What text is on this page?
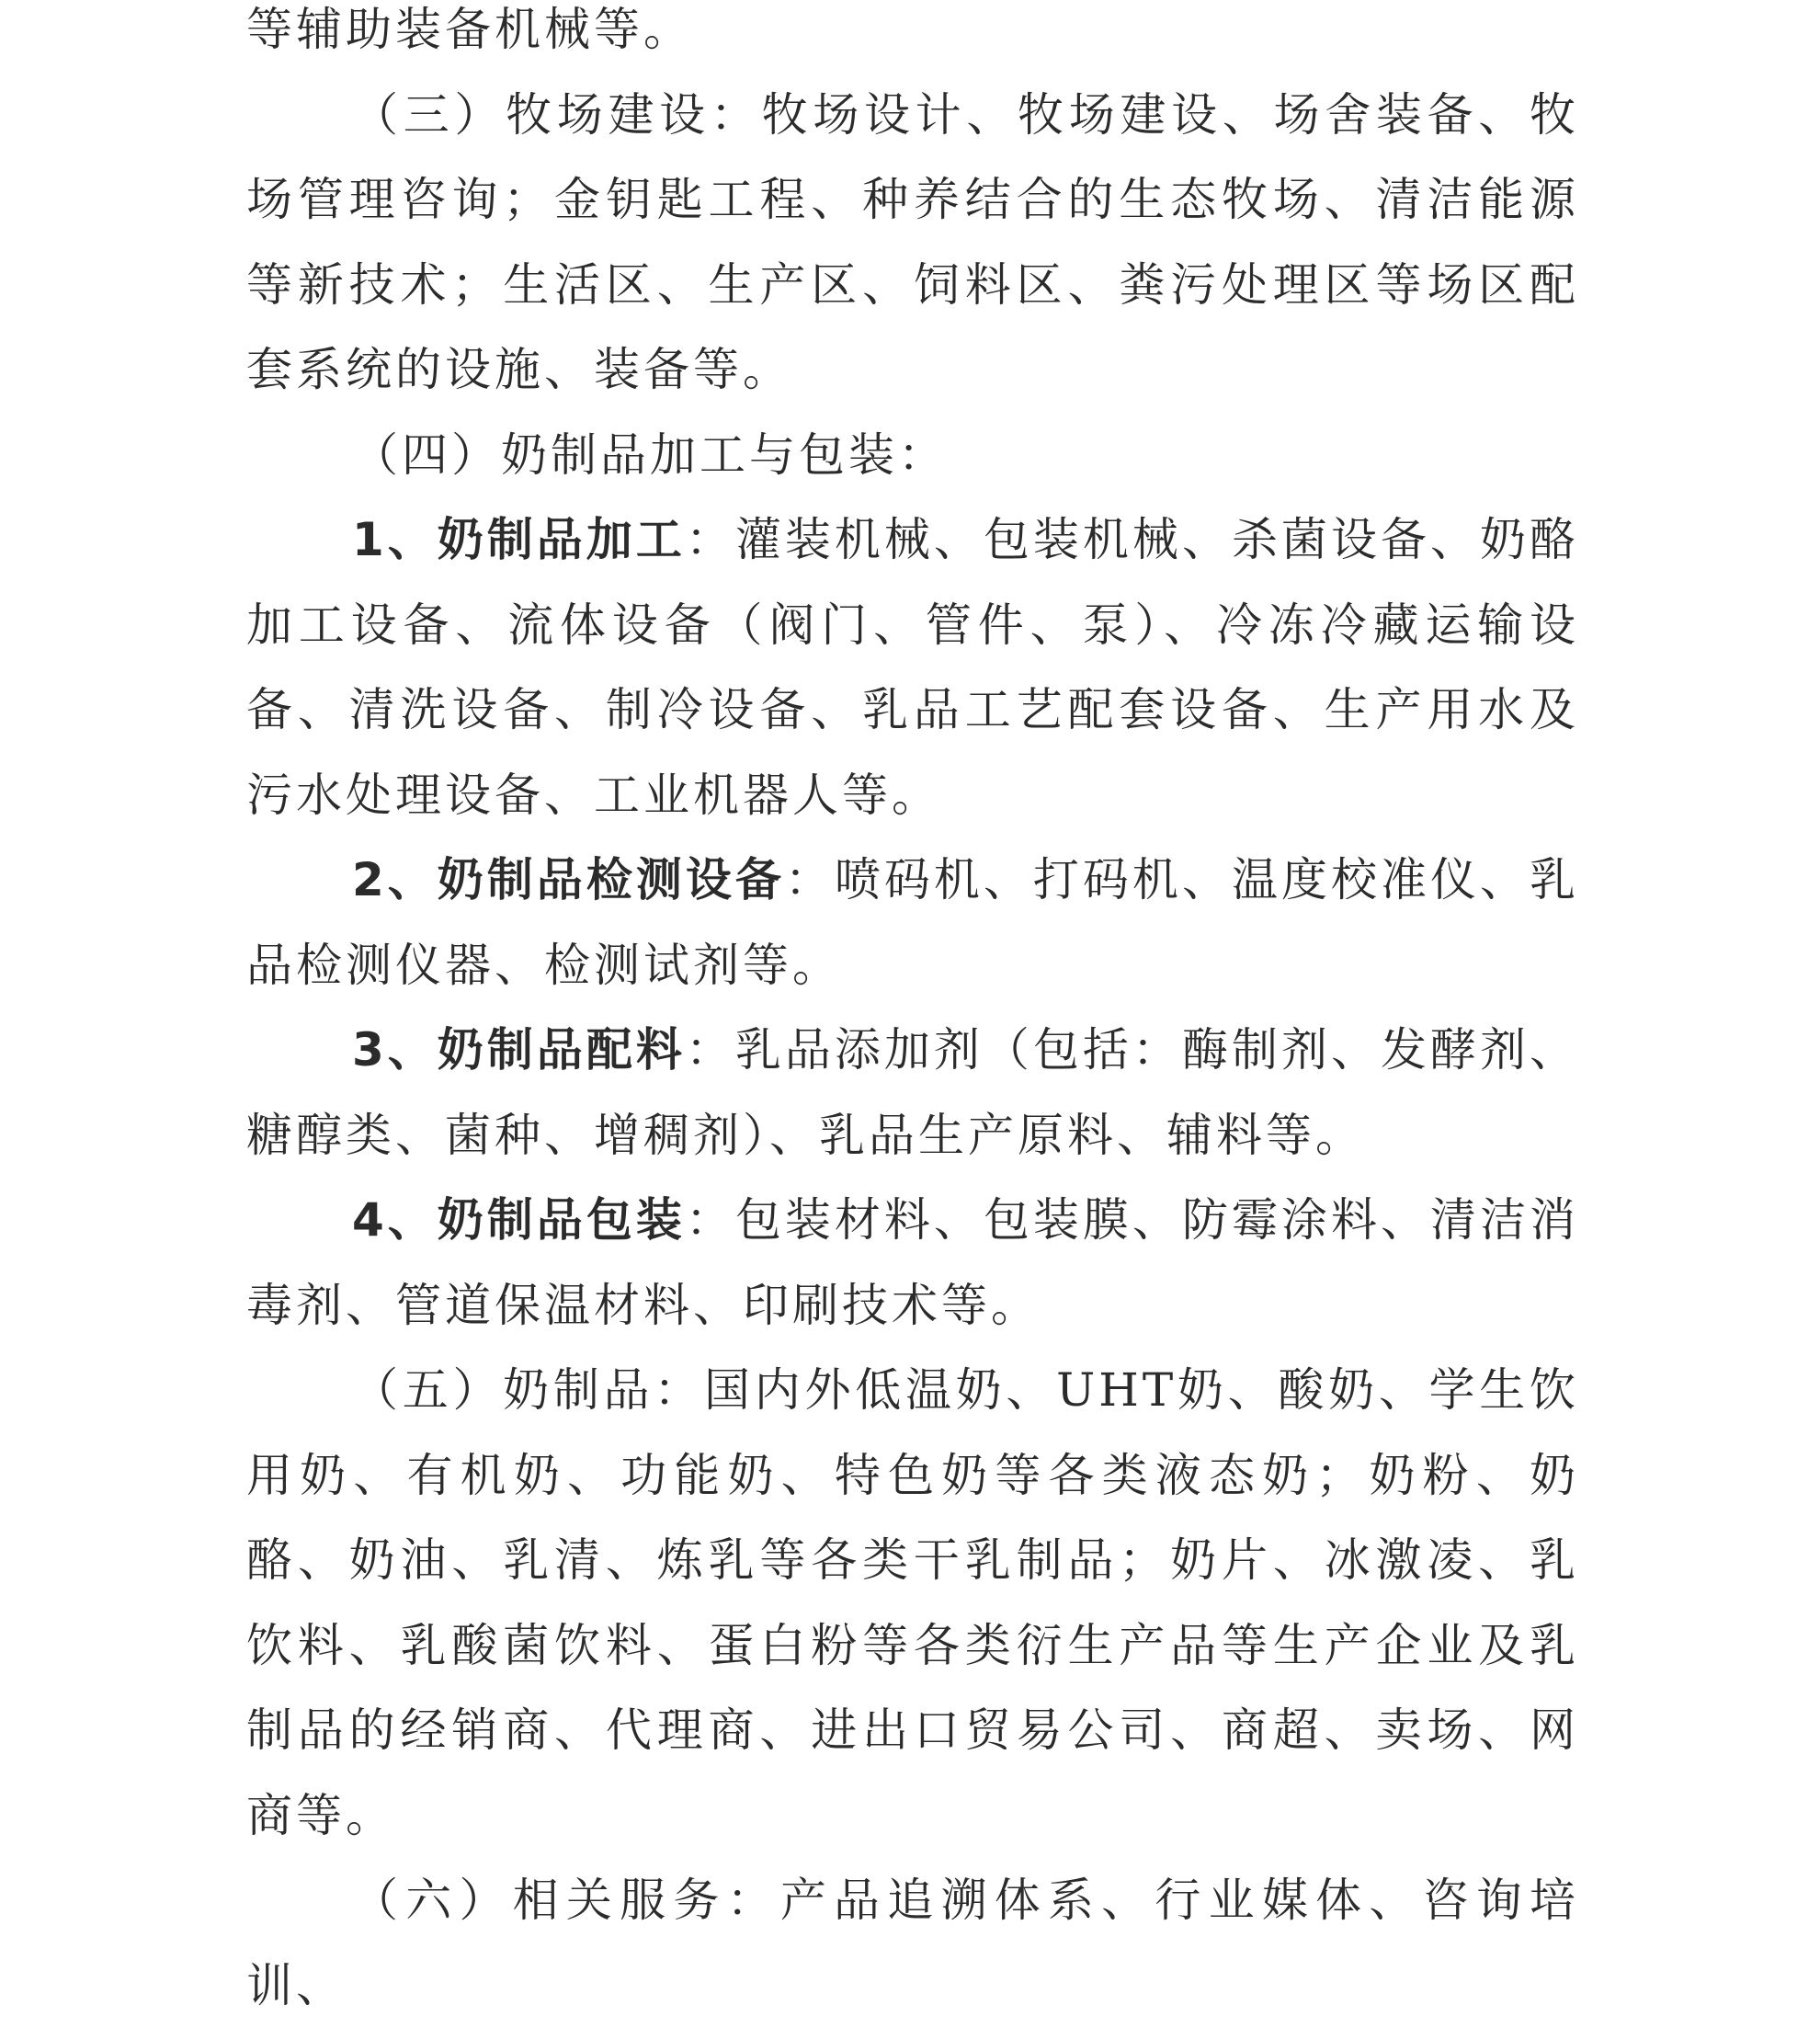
等辅助装备机械等。

（三）牧场建设：牧场设计、牧场建设、场舍装备、牧场管理咨询；金钥匙工程、种养结合的生态牧场、清洁能源等新技术；生活区、生产区、饲料区、粪污处理区等场区配套系统的设施、装备等。

（四）奶制品加工与包装：

1、奶制品加工：灌装机械、包装机械、杀菌设备、奶酪加工设备、流体设备（阀门、管件、泵）、冷冻冷藏运输设备、清洗设备、制冷设备、乳品工艺配套设备、生产用水及污水处理设备、工业机器人等。

2、奶制品检测设备：喷码机、打码机、温度校准仪、乳品检测仪器、检测试剂等。

3、奶制品配料：乳品添加剂（包括：酶制剂、发酵剂、糖醇类、菌种、增稠剂）、乳品生产原料、辅料等。

4、奶制品包装：包装材料、包装膜、防霉涂料、清洁消毒剂、管道保温材料、印刷技术等。

（五）奶制品：国内外低温奶、UHT奶、酸奶、学生饮用奶、有机奶、功能奶、特色奶等各类液态奶；奶粉、奶酪、奶油、乳清、炼乳等各类干乳制品；奶片、冰激凌、乳饮料、乳酸菌饮料、蛋白粉等各类衍生产品等生产企业及乳制品的经销商、代理商、进出口贸易公司、商超、卖场、网商等。

（六）相关服务：产品追溯体系、行业媒体、咨询培训、
